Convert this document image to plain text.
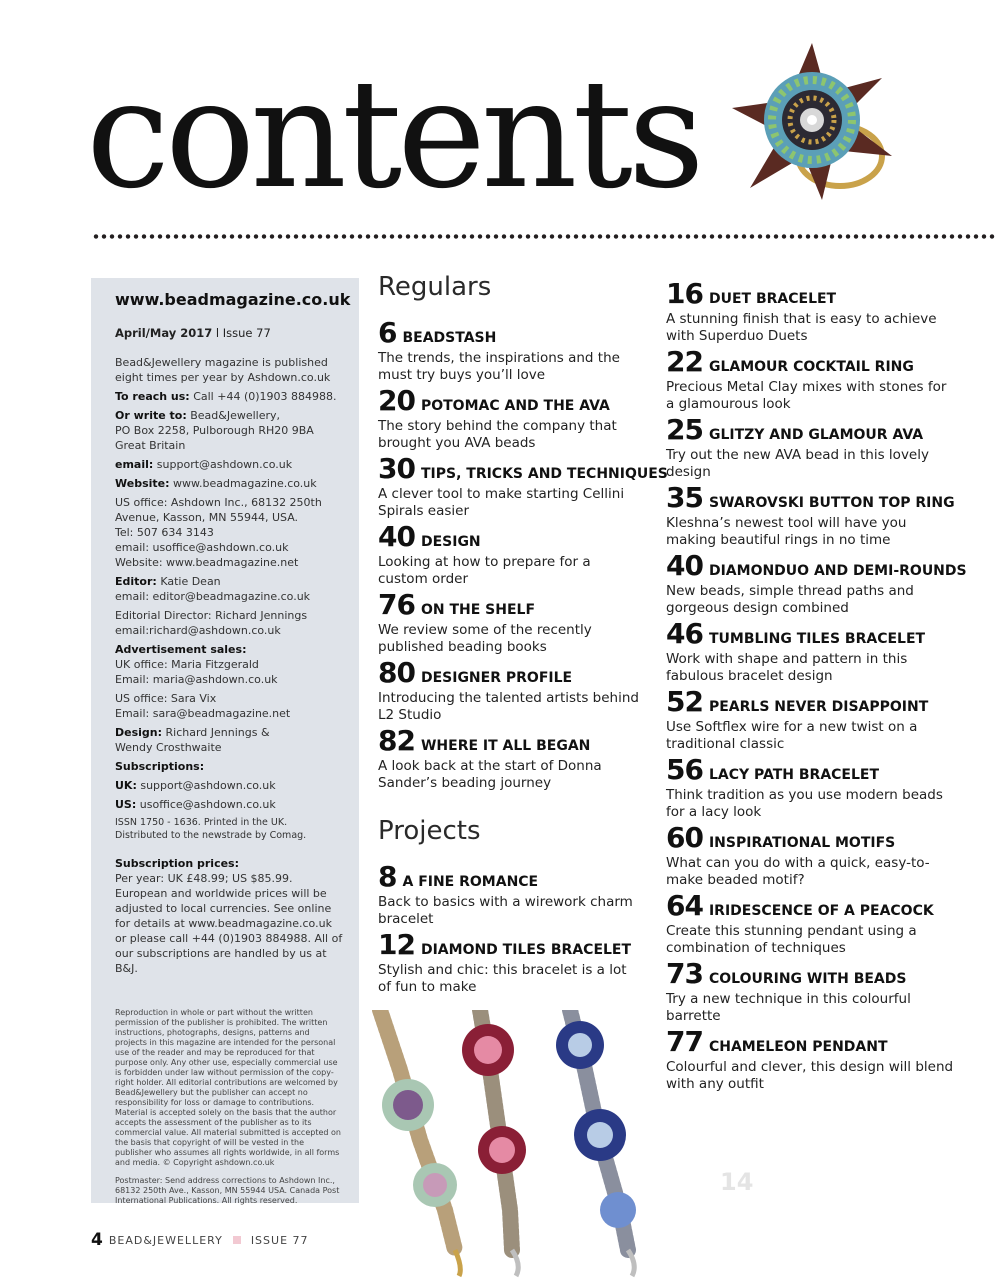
contents

www.beadmagazine.co.uk

April/May 2017 l Issue 77

Bead&Jewellery magazine is published eight times per year by Ashdown.co.uk

To reach us: Call +44 (0)1903 884988.

Or write to: Bead&Jewellery,
PO Box 2258, Pulborough RH20 9BA
Great Britain

email: support@ashdown.co.uk

Website: www.beadmagazine.co.uk

US office: Ashdown Inc., 68132 250th
Avenue, Kasson, MN 55944, USA.
Tel: 507 634 3143
email: usoffice@ashdown.co.uk
Website: www.beadmagazine.net

Editor: Katie Dean
email: editor@beadmagazine.co.uk

Editorial Director: Richard Jennings
email:richard@ashdown.co.uk

Advertisement sales:
UK office: Maria Fitzgerald
Email: maria@ashdown.co.uk

US office: Sara Vix
Email: sara@beadmagazine.net

Design: Richard Jennings &
Wendy Crosthwaite

Subscriptions:

UK: support@ashdown.co.uk

US: usoffice@ashdown.co.uk

ISSN 1750 - 1636. Printed in the UK.
Distributed to the newstrade by Comag.

Subscription prices:
Per year: UK £48.99; US $85.99. European and worldwide prices will be adjusted to local currencies. See online for details at www.beadmagazine.co.uk or please call +44 (0)1903 884988. All of our subscriptions are handled by us at B&J.

Reproduction in whole or part without the written permission of the publisher is prohibited. The written instructions, photographs, designs, patterns and projects in this magazine are intended for the personal use of the reader and may be reproduced for that purpose only. Any other use, especially commercial use is forbidden under law without permission of the copy-right holder. All editorial contributions are welcomed by Bead&Jewellery but the publisher can accept no responsibility for loss or damage to contributions. Material is accepted solely on the basis that the author accepts the assessment of the publisher as to its commercial value. All material submitted is accepted on the basis that copyright of will be vested in the publisher who assumes all rights worldwide, in all forms and media. © Copyright ashdown.co.uk

Postmaster: Send address corrections to Ashdown Inc., 68132 250th Ave., Kasson, MN 55944 USA. Canada Post International Publications. All rights reserved.

Regulars
6 BEADSTASH

The trends, the inspirations and the must try buys you’ll love

20 POTOMAC AND THE AVA

The story behind the company that brought you AVA beads

30 TIPS, TRICKS AND TECHNIQUES

A clever tool to make starting Cellini Spirals easier

40 DESIGN

Looking at how to prepare for a custom order

76 ON THE SHELF

We review some of the recently published beading books

80 DESIGNER PROFILE

Introducing the talented artists behind L2 Studio

82 WHERE IT ALL BEGAN

A look back at the start of Donna Sander’s beading journey

Projects
8 A FINE ROMANCE

Back to basics with a wirework charm bracelet

12 DIAMOND TILES BRACELET

Stylish and chic: this bracelet is a lot of fun to make

16 DUET BRACELET

A stunning finish that is easy to achieve with Superduo Duets

22 GLAMOUR COCKTAIL RING

Precious Metal Clay mixes with stones for a glamourous look

25 GLITZY AND GLAMOUR AVA

Try out the new AVA bead in this lovely design

35 SWAROVSKI BUTTON TOP RING

Kleshna’s newest tool will have you making beautiful rings in no time

40 DIAMONDUO AND DEMI-ROUNDS

New beads, simple thread paths and gorgeous design combined

46 TUMBLING TILES BRACELET

Work with shape and pattern in this fabulous bracelet design

52 PEARLS NEVER DISAPPOINT

Use Softflex wire for a new twist on a traditional classic

56 LACY PATH BRACELET

Think tradition as you use modern beads for a lacy look

60 INSPIRATIONAL MOTIFS

What can you do with a quick, easy-to-make beaded motif?

64 IRIDESCENCE OF A PEACOCK

Create this stunning pendant using a combination of techniques

73 COLOURING WITH BEADS

Try a new technique in this colourful barrette

77 CHAMELEON PENDANT

Colourful and clever, this design will blend with any outfit

14
4 BEAD&JEWELLERY	ISSUE 77
